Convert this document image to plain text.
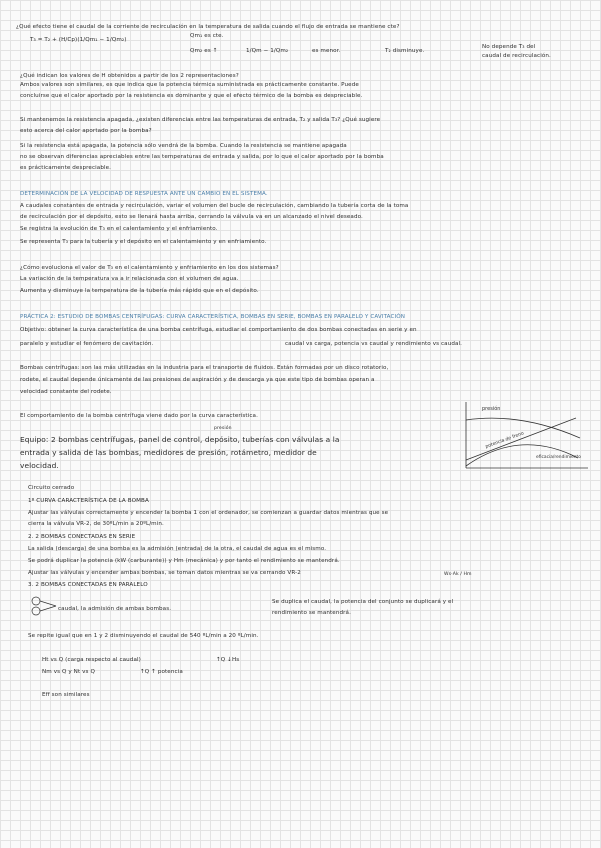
¿Qué efecto tiene el caudal de la corriente de recirculación en la temperatura de salida cuando el flujo de entrada se mantiene cte?
T₃ = T₂ + (H/Cp)(1/Qm₁ − 1/Qm₂)
Qm₁ es cte.
Qm₂ es ↑	1/Qm − 1/Qm₂	es menor.	T₂ disminuye.
No depende T₃ del
caudal de recirculación.
¿Qué indican los valores de H obtenidos a partir de los 2 representaciones?
Ambos valores son similares, es que indica que la potencia térmica suministrada es prácticamente constante. Puede
concluirse que el calor aportado por la resistencia es dominante y que el efecto térmico de la bomba es despreciable.
Si mantenemos la resistencia apagada, ¿existen diferencias entre las temperaturas de entrada, T₂ y salida T₃? ¿Qué sugiere
esto acerca del calor aportado por la bomba?
Si la resistencia está apagada, la potencia sólo vendrá de la bomba. Cuando la resistencia se mantiene apagada
no se observan diferencias apreciables entre las temperaturas de entrada y salida, por lo que el calor aportado por la bomba
es prácticamente despreciable.
DETERMINACIÓN DE LA VELOCIDAD DE RESPUESTA ANTE UN CAMBIO EN EL SISTEMA.
A caudales constantes de entrada y recirculación, variar el volumen del bucle de recirculación, cambiando la tubería corta de la toma
de recirculación por el depósito, esto se llenará hasta arriba, cerrando la válvula va en un alcanzado el nivel deseado.
Se registra la evolución de T₃ en el calentamiento y el enfriamiento.
Se representa T₃ para la tubería y el depósito en el calentamiento y en enfriamiento.
¿Cómo evoluciona el valor de T₃ en el calentamiento y enfriamiento en los dos sistemas?
La variación de la temperatura va a ir relacionada con el volumen de agua.
Aumenta y disminuye la temperatura de la tubería más rápido que en el depósito.
PRÁCTICA 2: ESTUDIO DE BOMBAS CENTRÍFUGAS: CURVA CARACTERÍSTICA, BOMBAS EN SERIE, BOMBAS EN PARALELO Y CAVITACIÓN
Objetivo: obtener la curva característica de una bomba centrífuga, estudiar el comportamiento de dos bombas conectadas en serie y en
paralelo y estudiar el fenómero de cavitación.	caudal vs carga, potencia vs caudal y rendimiento vs caudal.
Bombas centrífugas: son las más utilizadas en la industria para el transporte de fluidos. Están formadas por un disco rotatorio,
rodete, el caudal depende únicamente de las presiones de aspiración y de descarga ya que este tipo de bombas operan a
velocidad constante del rodete.
El comportamiento de la bomba centrífuga viene dado por la curva característica.
presión
Equipo: 2 bombas centrífugas, panel de control, depósito, tuberías con válvulas a la
entrada y salida de las bombas, medidores de presión, rotámetro, medidor de
velocidad.
presión
potencia de freno
eficacia/rendimiento
Circuito cerrado
1º CURVA CARACTERÍSTICA DE LA BOMBA
Ajustar las válvulas correctamente y encender la bomba 1 con el ordenador, se comienzan a guardar datos mientras que se
cierra la válvula VR-2, de 30ºL/min a 20ºL/min.
2. 2 BOMBAS CONECTADAS EN SERIE
La salida (descarga) de una bomba es la admisión (entrada) de la otra, el caudal de agua es el mismo.
Se podrá duplicar la potencia (kW (carburante)) y Hm (mecánica) y por tanto el rendimiento se mantendrá.
Ajustar las válvulas y encender ambas bombas, se toman datos mientras se va cerrando VR-2	Ws·Ak / Hm
3. 2 BOMBAS CONECTADAS EN PARALELO
caudal, la admisión de ambas bombas.
Se duplica el caudal, la potencia del conjunto se duplicará y el
rendimiento se mantendrá.
Se repite igual que en 1 y 2 disminuyendo el caudal de 540 ºL/min a 20 ºL/min.
Ht vs Q (carga respecto al caudal)	↑Q ↓Hs
Nm vs Q y Nt vs Q	↑Q ↑ potencia
Eff son similares
